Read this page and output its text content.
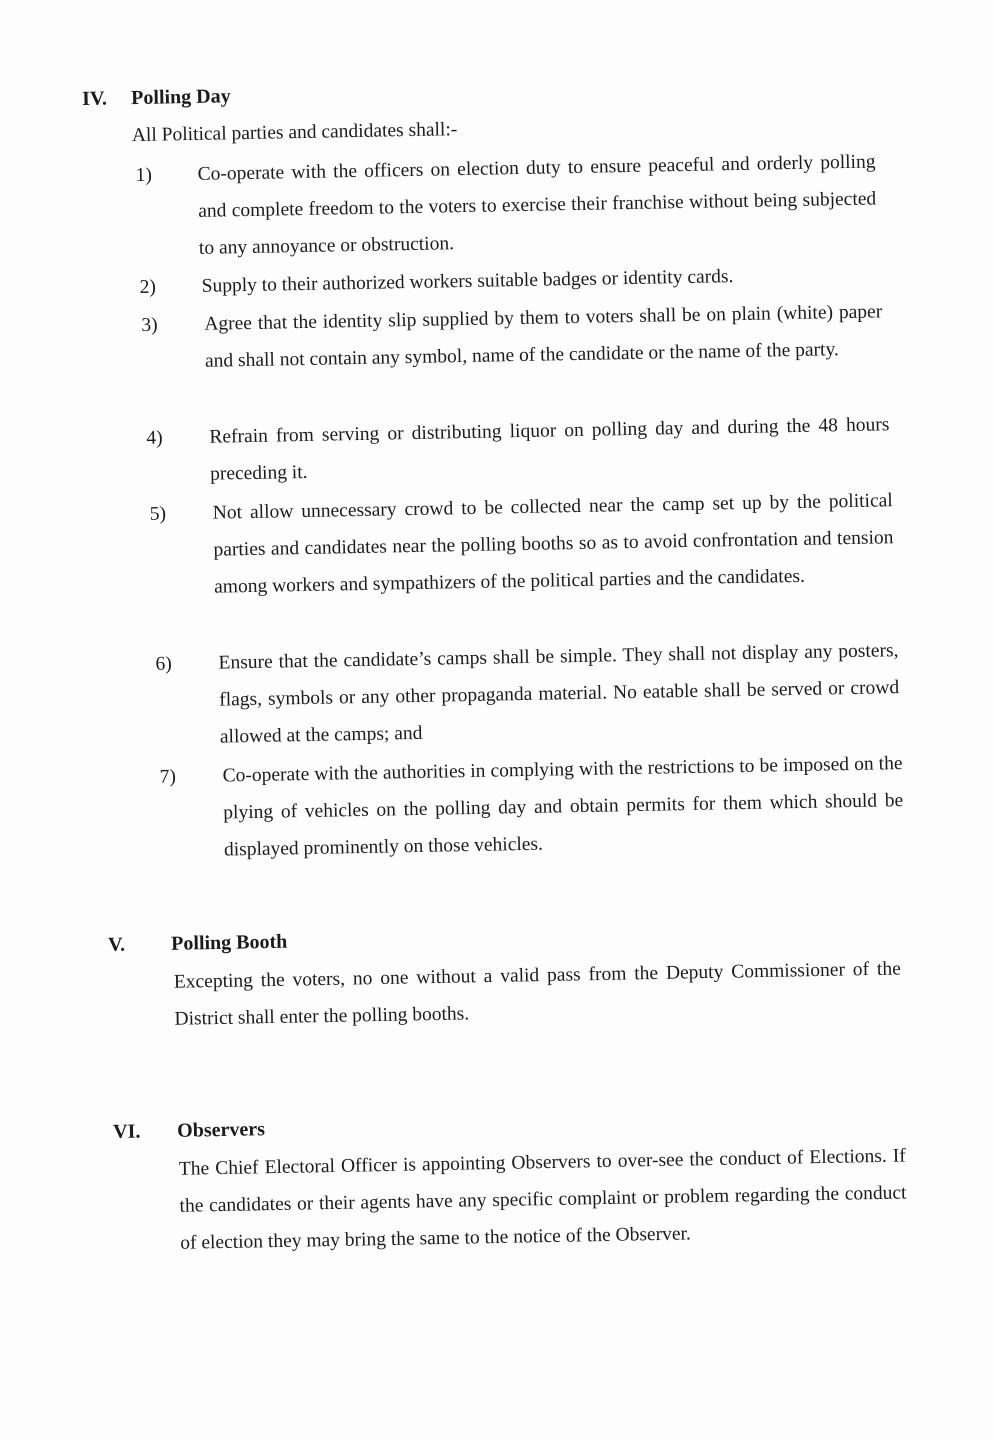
IV. Polling Day
All Political parties and candidates shall:-
1) Co-operate with the officers on election duty to ensure peaceful and orderly polling and complete freedom to the voters to exercise their franchise without being subjected to any annoyance or obstruction.
2) Supply to their authorized workers suitable badges or identity cards.
3) Agree that the identity slip supplied by them to voters shall be on plain (white) paper and shall not contain any symbol, name of the candidate or the name of the party.
4) Refrain from serving or distributing liquor on polling day and during the 48 hours preceding it.
5) Not allow unnecessary crowd to be collected near the camp set up by the political parties and candidates near the polling booths so as to avoid confrontation and tension among workers and sympathizers of the political parties and the candidates.
6) Ensure that the candidate’s camps shall be simple. They shall not display any posters, flags, symbols or any other propaganda material. No eatable shall be served or crowd allowed at the camps; and
7) Co-operate with the authorities in complying with the restrictions to be imposed on the plying of vehicles on the polling day and obtain permits for them which should be displayed prominently on those vehicles.
V. Polling Booth
Excepting the voters, no one without a valid pass from the Deputy Commissioner of the District shall enter the polling booths.
VI. Observers
The Chief Electoral Officer is appointing Observers to over-see the conduct of Elections. If the candidates or their agents have any specific complaint or problem regarding the conduct of election they may bring the same to the notice of the Observer.
